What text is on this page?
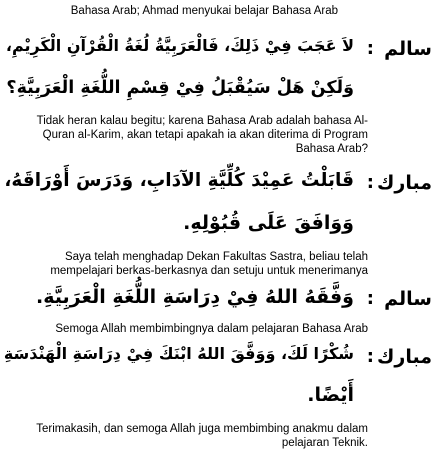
Bahasa Arab; Ahmad menyukai belajar Bahasa Arab
سالم
:
لاَ عَجَبَ فِيْ ذَلِكَ، فَالْعَرَبِيَّةُ لُغَةُ الْقُرْآنِ الْكَرِيْمِ،
وَلَكِنْ هَلْ سَيُقْبَلُ فِيْ قِسْمِ اللُّغَةِ الْعَرَبِيَّةِ؟
Tidak heran kalau begitu; karena Bahasa Arab adalah bahasa Al-
Quran al-Karim, akan tetapi apakah ia akan diterima di Program
Bahasa Arab?
مبارك
:
قَابَلْتُ عَمِيْدَ كُلِّيَّةِ الآدَابِ، وَدَرَسَ أَوْرَاقَهُ،
وَوَافَقَ عَلَى قُبُوْلِهِ.
Saya telah menghadap Dekan Fakultas Sastra, beliau telah
mempelajari berkas-berkasnya dan setuju untuk menerimanya
سالم
:
وَفَّقَهُ اللهُ فِيْ دِرَاسَةِ اللُّغَةِ الْعَرَبِيَّةِ.
Semoga Allah membimbingnya dalam pelajaran Bahasa Arab
مبارك
:
شُكْرًا لَكَ، وَوَفَّقَ اللهُ ابْنَكَ فِيْ دِرَاسَةِ الْهَنْدَسَةِ
أَيْضًا.
Terimakasih, dan semoga Allah juga membimbing anakmu dalam
pelajaran Teknik.
